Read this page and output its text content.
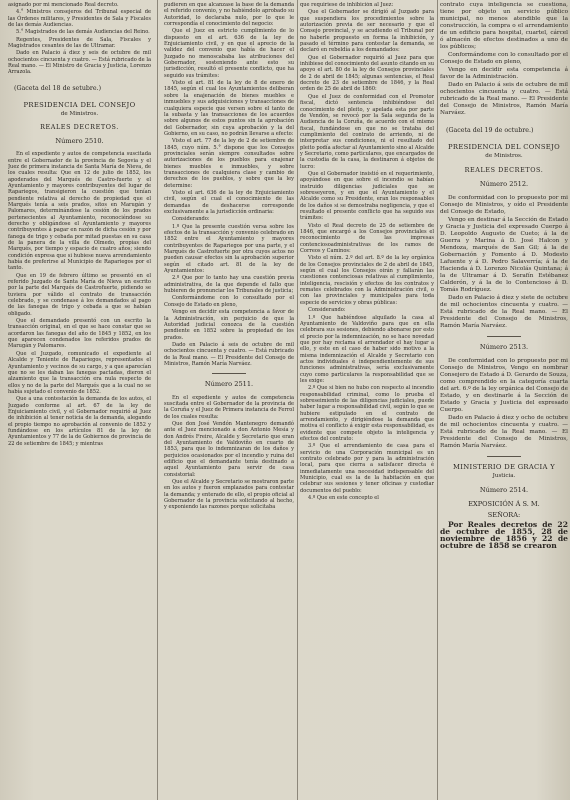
asignado por mi mencionado Real decreto.

4.° Ministros consejeros del Tribunal especial de las Órdenes militares, y Presidentes de Sala y Fiscales de las demás Audiencias.

5.° Magistrados de las demás Audiencias del Reino.

Regentes, Presidentes de Sala, Fiscales y Magistrados cesantes de las de Ultramar.

Dado en Palacio á diez y seis de octubre de mil ochocientos cincuenta y cuatro. — Está rubricado de la Real mano. — El Ministro de Gracia y Justicia, Lorenzo Arrazola.

(Gaceta del 18 de setubre.)

PRESIDENCIA DEL CONSEJO

de Ministros.

REALES DECRETOS.

Número 2510.

En el expediente y autos de competencia suscitada entre el Gobernador de la provincia de Segovia y el Juez de primera instancia de Santa María de Nieva, de los cuales resulta: Que en 12 de julio de 1852, los apoderados del Marqués de Castro-fuerte y el Ayuntamiento y mayores contribuyentes del lugar de Rapariegos, transigieron la cuestión que tenían pendiente relativa al derecho de propiedad que el Marqués tenía a seis prados, sitos en Marugán y Palomares, determinándose la cesión de los prados pertenecientes al Ayuntamiento, reconociéndose su derecho y obligándose el Ayuntamiento y mayores contribuyentes á pagar en razón de dicha cesión y por fanega de trigo y cebada por mitad puestas en su casa de la panera de la villa de Olmedo, propias del Marqués, por tiempo y espacio de cuatro años; siendo condición expresa que si hubiese nueva arrendamiento había de preferirse al Municipio de Rapariegos por el tanto.

Que en 19 de febrero último se presentó en el referido Juzgado de Santa María de Nieva un escrito por la parte del Marqués de Castrofuerte, pidiendo se tuviera por válido el contrato de transacción celebrado, y se condenase á los demandados al pago de las fanegas de trigo y cebada a que se habían obligado.

Que el demandado presentó con un escrito la transacción original, en el que se hace constar que se acordaron las fanegas del año de 1845 y 1852, en los que aparecen condenados los referidos prados de Marugán y Palomares.

Que el Juzgado, comunicado el expediente al Alcalde y Teniente de Rapariegos, representados el Ayuntamiento y vecinos de su cargo, y a que aparecían que no se les daban las fanegas pactadas, dieron el alzamiento que la transacción era nula respecto de ellos y no de la parte del Marqués que a la cual no se había sujetado el convenio de 1852.

Que a una contestación la demanda de los autos, el Juzgado conforme al art. 67 de la ley de Enjuiciamiento civil, y el Gobernador requirió al Juez de inhibición al tener noticia de la demanda, alegando el propio tiempo no aprobación al convenio de 1852 y fundándose en los artículos 81 de la ley de Ayuntamientos y 77 de la de Gobiernos de provincia de 22 de setiembre de 1845; y mientras

pudieren en que alcanzase la base de la demanda el referido convenio, y no habiéndolo aprobado su Autoridad, lo declaraba nulo, por lo que le correspondía el conocimiento del negocio:

Que el Juez en estricto cumplimiento de lo dispuesto en el art. 636 de la ley de Enjuiciamiento civil, y en que el aprecio de la validez del convenio que había de hacer el Juzgado no menoscababa las atribuciones del Gobernador, sosteniendo ante esto su jurisdicción, resultó el presente conflicto, que ha seguido sus trámites:

Visto el art. 81 de la ley de 8 de enero de 1845, según el cual los Ayuntamientos deliberan sobre la enajenación de bienes muebles e inmuebles y sus adquisiciones y transacciones de cualquiera especie que versen sobre el tanto de la subasta y las transacciones de los acuerdos sobre algunos de estos puntos sin la aprobación del Gobernador, sin cuya aprobación y la del Gobierno, en su caso, no podrán llevarse a efecto:

Visto el art. 77 de la ley de 2 de setiembre de 1845, cuyo núm. 5.° dispone que los Consejos provinciales serán siempre consultados sobre autorizaciones de los pueblos para enajenar bienes muebles e inmuebles, y sobre transacciones de cualquiera clase y cambio de derechos de los pueblos, y sobre que la ley determine:

Visto el art. 636 de la ley de Enjuiciamiento civil, según el cual el conocimiento de las demandas de deshacerse corresponde exclusivamente a la jurisdicción ordinaria:

Considerando:

1.º Que la presente cuestión versa sobre los efectos de la transacción y convenio celebrado en 1852 entre el Ayuntamiento y mayores contribuyentes de Rapariegos por una parte, y el Marqués de Castrofuerte por otra cuyos actos no pueden causar efectos sin la aprobación superior según el citado art. 81 de la ley de Ayuntamientos:

2.º Que por lo tanto hay una cuestión previa administrativa, de la que depende el fallo que hubieren de pronunciar los Tribunales de justicia;

Conformándome con lo consultado por el Consejo de Estado en pleno,

Vengo en decidir esta competencia a favor de la Administración, sin perjuicio de que la Autoridad judicial conozca de la cuestión pendiente en 1852 sobre la propiedad de los prados.

Dado en Palacio á seis de octubre de mil ochocientos cincuenta y cuatro. — Está rubricado de la Real mano. — El Presidente del Consejo de Ministros, Ramón María Narváez.

Número 2511.

En el expediente y autos de competencia suscitada entre el Gobernador de la provincia de la Coruña y el Juez de Primera instancia de Ferrol de los cuales resulta:

Que don José Vendón Mantenegro demandó ante el Juez mencionado a don Antonio Mesía y don Andrés Freire, Alcalde y Secretario que eran del Ayuntamiento de Valdoviño en cuarto de 1853, para que lo indemnizaran de los daños y perjuicios ocasionados por el incendio y ruina del edificio que el demandante tenía destinado a aquel Ayuntamiento para servir de casa consistorial:

Que el Alcalde y Secretario se mostraron parte en los autos y fueron emplazados para contestar la demanda; y enterado de ello, el propio oficial al Gobernador de la provincia solicitando al hecho, y exponiendo las razones porque solicitaba

que requiriese de inhibición al Juez:

Que el Gobernador se dirigió al Juzgado para que suspendiera los procedimientos sobre la autorización previa de ser necesario y que el Consejo provincial, y se acudiendo el Tribunal por no haberle propuesto en forma la inhibición, y pasado el término para contestar la demanda, se declaró en rebeldía a los demandados:

Que el Gobernador requirió al Juez para que inhibiese del conocimiento del asunto citando en su apoyo el art. 80 de la ley de Consejos provinciales de 2 de abril de 1845; algunas sentencias, el Real decreto de 23 de setiembre de 1846, y la Real orden de 25 de abril de 1860:

Que el Juez de conformidad con el Promotor fiscal, dictó sentencia inhibiéndose del conocimiento del pleito, y apelada esta por parte de Vendón, se revocó por la Sala segunda de la Audiencia de la Coruña, de acuerdo con el mismo fiscal, fundándose en que no se trataba del cumplimiento del contrato de arriendo, ni de interpretar sus condiciones, ni el resultado del pleito podía afectar al Ayuntamiento sino al Alcalde y Secretario, como particulares, que encargados de la custodia de la casa, la destinaron á objetos de lucro:

Que el Gobernador insistió en el requerimiento, apoyándose en que sobre el incendio se habían instruido diligencias judiciales que se sobreseyeron, y en que el Ayuntamiento y el Alcalde como su Presidente, eran los responsables de los daños si se demostraba negligencia, y que el resultado el presente conflicto que ha seguido sus trámites:

Visto el Real decreto de 25 de setiembre de 1846, que encargó a los Consejos provinciales el reconocimiento de las impresas contenciosoadministrativas de los ramos de Correos y Caminos:

Visto el núm. 2.º del art. 8.º de la ley orgánica de los Consejos provinciales de 2 de abril de 1845, según el cual los Consejos oirán y fallarán las cuestiones contenciosas relativas al cumplimiento, inteligencia, rescisión y efectos de los contratos y remates celebrados con la Administración civil, o con las provinciales y municipales para toda especie de servicios y obras públicas:

Considerando:

1.º Que habiéndose alquilado la casa al Ayuntamiento de Valdoviño para que en ella celebrara sus sesiones, debiendo abonarse por esto el precio por la indemnización, no se hace novedad que por hay reclama el arrendador el hay lugar a ello, y este en el caso de haber sido motivo a la misma indemnización el Alcalde y Secretario con actos individuales é independientemente de sus funciones administrativas, sería exclusivamente cuyo como particulares la responsabilidad que se les exige:

2.º Que si bien no hubo con respecto al incendio responsabilidad criminal, como lo prueba el sobreseimiento de las diligencias judiciales, puede haber lugar a responsabilidad civil, según lo que se hubiere estipulado en el contrato de arrendamiento, y dirigiéndose la demanda que motiva el conflicto á exigir esta responsabilidad, es evidente que compete objeto la inteligencia y efectos del contrato:

3.º Que el arrendamiento de casa para el servicio de una Corporación municipal es un contrato celebrado por y para la administración local, para que cierra a satisfacer directa é inmediatamente una necesidad indispensable del Municipio, cual es la de la habitación en que celebrar sus sesiones y tener oficinas y custodiar documentos del pueblo:

4.º Que en este concepto el

contrato cuya inteligencia se cuestiona, tiene por objeto un servicio público municipal, no menos atendible que la construcción, la compra o el arrendamiento de un edificio para hospital, cuartel, cárcel ó almacén de efectos destinados a uno de los públicos;

Conformándome con lo consultado por el Consejo de Estado en pleno,

Vengo en decidir esta competencia á favor de la Administración.

Dado en Palacio á seis de octubre de mil ochocientos cincuenta y cuatro. — Está rubricado de la Real mano. — El Presidente del Consejo de Ministros, Ramón María Narváez.

(Gaceta del 19 de octubre.)

PRESIDENCIA DEL CONSEJO

de Ministros.

REALES DECRETOS.

Número 2512.

De conformidad con lo propuesto por mi Consejo de Ministros, y oído el Presidente del Consejo de Estado,

Vengo en destinar á la Sección de Estado y Gracia y Justicia del expresado Cuerpo á D. Leopoldo Augusto de Cueto; á la de Guerra y Marina á D. José Halcon y Mendoza, marqués de San Gil; á la de Gobernación y Fomento á D. Modesto Lafuente y á D. Pedro Salaverría; á la de Hacienda á D. Lorenzo Nicolás Quintana; á la de Ultramar á D. Serafín Estébanez Calderón, y á la de lo Contencioso á D. Tomás Rodríguez.

Dado en Palacio á diez y siete de octubre de mil ochocientos cincuenta y cuatro. — Está rubricado de la Real mano. — El Presidente del Consejo de Ministros, Ramón María Narváez.

Número 2513.

De conformidad con lo propuesto por mi Consejo de Ministros, Vengo en nombrar Consejero de Estado á D. Gerardo de Souza, como comprendido en la categoría cuarta del art. 6.º de la ley orgánica del Consejo de Estado, y en destinarle á la Sección de Estado y Gracia y Justicia del expresado Cuerpo.

Dado en Palacio á diez y ocho de octubre de mil ochocientos cincuenta y cuatro. — Está rubricado de la Real mano. — El Presidente del Consejo de Ministros, Ramón María Narváez.

MINISTERIO DE GRACIA Y

Justicia.

Número 2514.

EXPOSICIÓN Á S. M.

SEÑORA:

Por Reales decretos de 22 de octubre de 1855, 28 de noviembre de 1856 y 22 de octubre de 1858 se crearon
